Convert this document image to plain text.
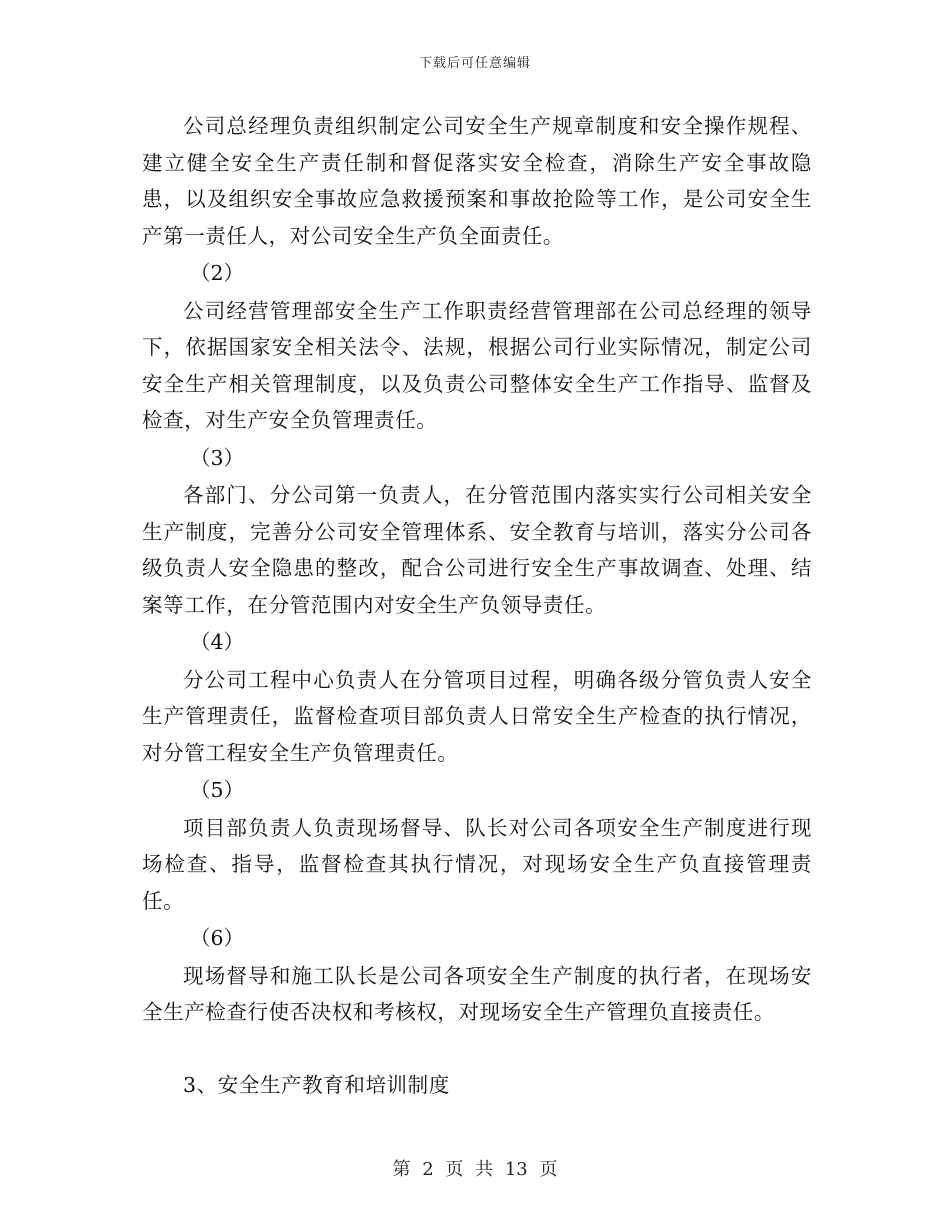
下载后可任意编辑

公司总经理负责组织制定公司安全生产规章制度和安全操作规程、建立健全安全生产责任制和督促落实安全检查，消除生产安全事故隐患，以及组织安全事故应急救援预案和事故抢险等工作，是公司安全生产第一责任人，对公司安全生产负全面责任。

（2）

公司经营管理部安全生产工作职责经营管理部在公司总经理的领导下，依据国家安全相关法令、法规，根据公司行业实际情况，制定公司安全生产相关管理制度，以及负责公司整体安全生产工作指导、监督及检查，对生产安全负管理责任。

（3）

各部门、分公司第一负责人，在分管范围内落实实行公司相关安全生产制度，完善分公司安全管理体系、安全教育与培训，落实分公司各级负责人安全隐患的整改，配合公司进行安全生产事故调查、处理、结案等工作，在分管范围内对安全生产负领导责任。

（4）

分公司工程中心负责人在分管项目过程，明确各级分管负责人安全生产管理责任，监督检查项目部负责人日常安全生产检查的执行情况，对分管工程安全生产负管理责任。

（5）

项目部负责人负责现场督导、队长对公司各项安全生产制度进行现场检查、指导，监督检查其执行情况，对现场安全生产负直接管理责任。

（6）

现场督导和施工队长是公司各项安全生产制度的执行者，在现场安全生产检查行使否决权和考核权，对现场安全生产管理负直接责任。

3、安全生产教育和培训制度

第 2 页 共 13 页
